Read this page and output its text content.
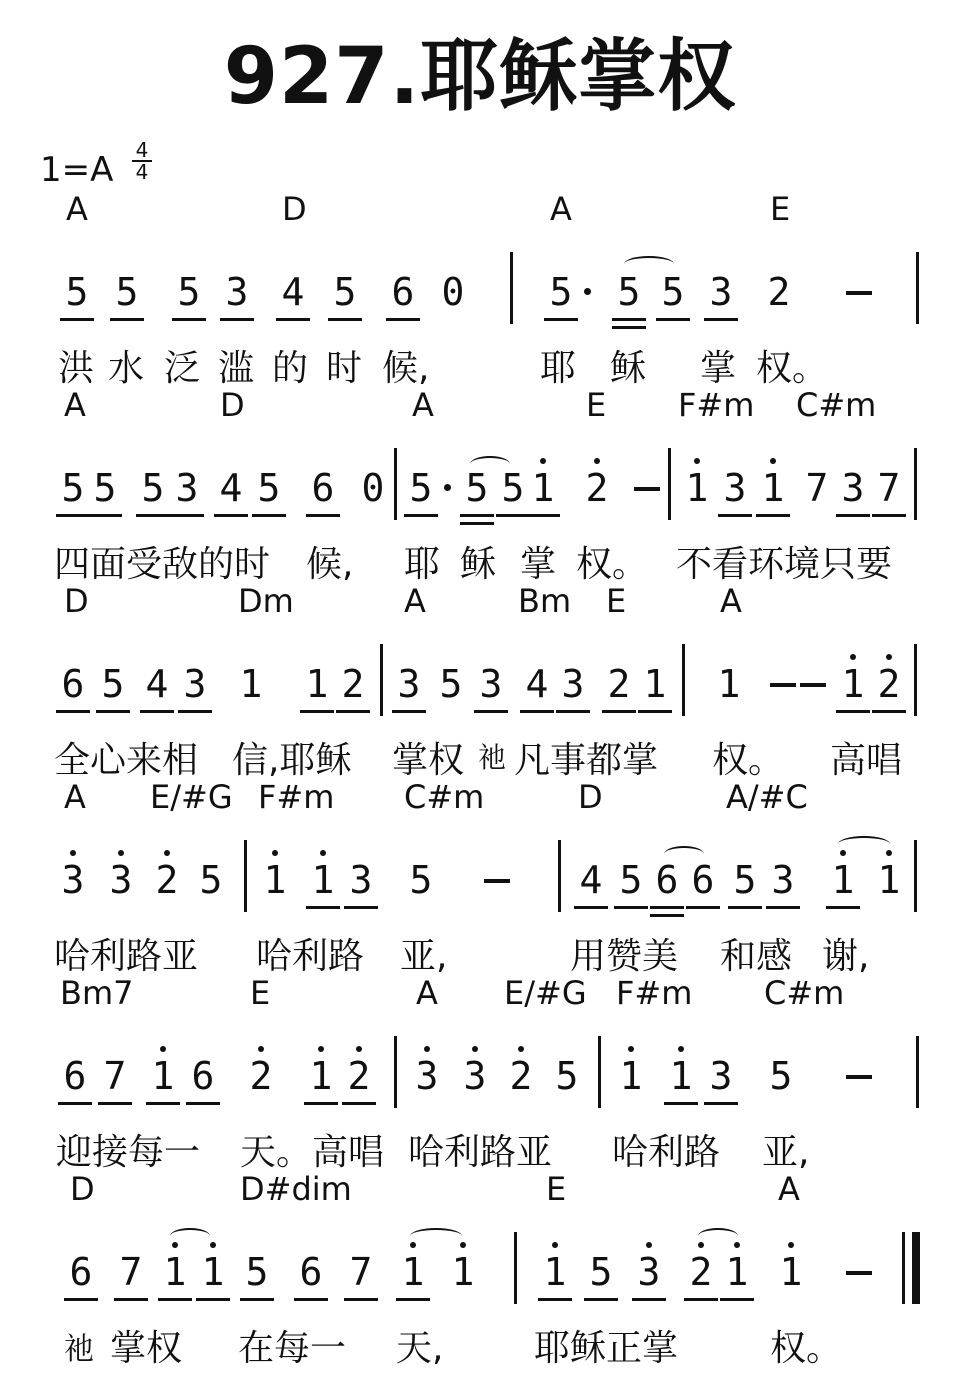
927.耶稣掌权
$1=A \frac{4}{4}$
A	D	A	E
5 5 5 3 4 5 6 0 5 5 5 3 2
洪 水 泛 滥 的 时 候,	耶 稣 掌 权。
A	D	A	E F#m C#m
5 5 5 3 4 5 6 0 5 5 5 1 2 1 3 1 7 3 7
四面受敌的时 候, 耶 稣 掌 权。 不看环境只要
D	Dm	A	Bm E	A
6 5 4 3 1 1 2 3 5 3 4 3 2 1 1	1 2
全心来相 信,耶稣 掌权 祂 凡事都掌 权。 高唱
A E/#G F#m C#m	D	A/#C
3 3 2 5 1 1 3 5	4 5 6 6 5 3 1 1
哈利路亚 哈利路 亚,	用赞美 和感 谢,
Bm7	E	A E/#G F#m C#m
6 7 1 6 2 1 2 3 3 2 5 1 1 3 5
迎接每一 天。高唱 哈利路亚 哈利路 亚,
D	D#dim	E	A
6 7 1 1 5 6 7 1 1 1 5 3 2 1 1
祂 掌权 在每一 天,	耶稣正掌	权。
